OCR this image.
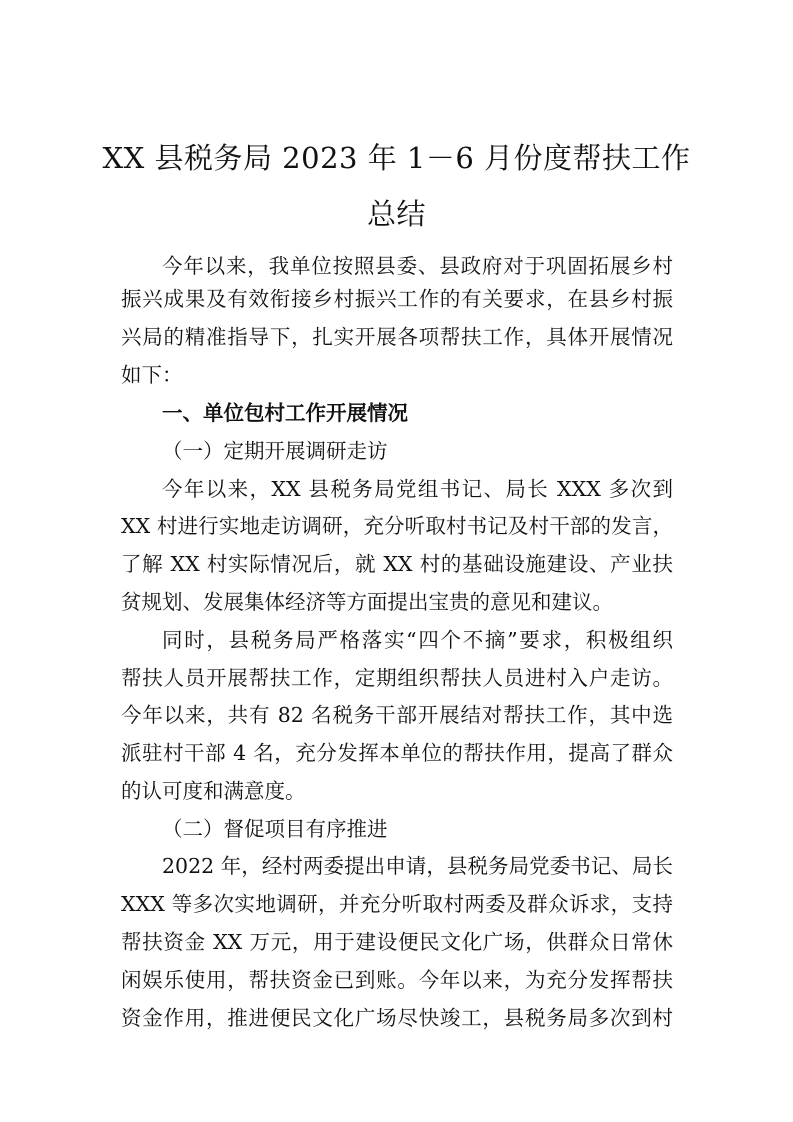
XX 县税务局 2023 年 1－6 月份度帮扶工作
总结
今年以来，我单位按照县委、县政府对于巩固拓展乡村
振兴成果及有效衔接乡村振兴工作的有关要求，在县乡村振
兴局的精准指导下，扎实开展各项帮扶工作，具体开展情况
如下：
一、单位包村工作开展情况
（一）定期开展调研走访
今年以来，XX 县税务局党组书记、局长 XXX 多次到
XX 村进行实地走访调研，充分听取村书记及村干部的发言，
了解 XX 村实际情况后，就 XX 村的基础设施建设、产业扶
贫规划、发展集体经济等方面提出宝贵的意见和建议。
同时，县税务局严格落实“四个不摘”要求，积极组织
帮扶人员开展帮扶工作，定期组织帮扶人员进村入户走访。
今年以来，共有 82 名税务干部开展结对帮扶工作，其中选
派驻村干部 4 名，充分发挥本单位的帮扶作用，提高了群众
的认可度和满意度。
（二）督促项目有序推进
2022 年，经村两委提出申请，县税务局党委书记、局长
XXX 等多次实地调研，并充分听取村两委及群众诉求，支持
帮扶资金 XX 万元，用于建设便民文化广场，供群众日常休
闲娱乐使用，帮扶资金已到账。今年以来，为充分发挥帮扶
资金作用，推进便民文化广场尽快竣工，县税务局多次到村
